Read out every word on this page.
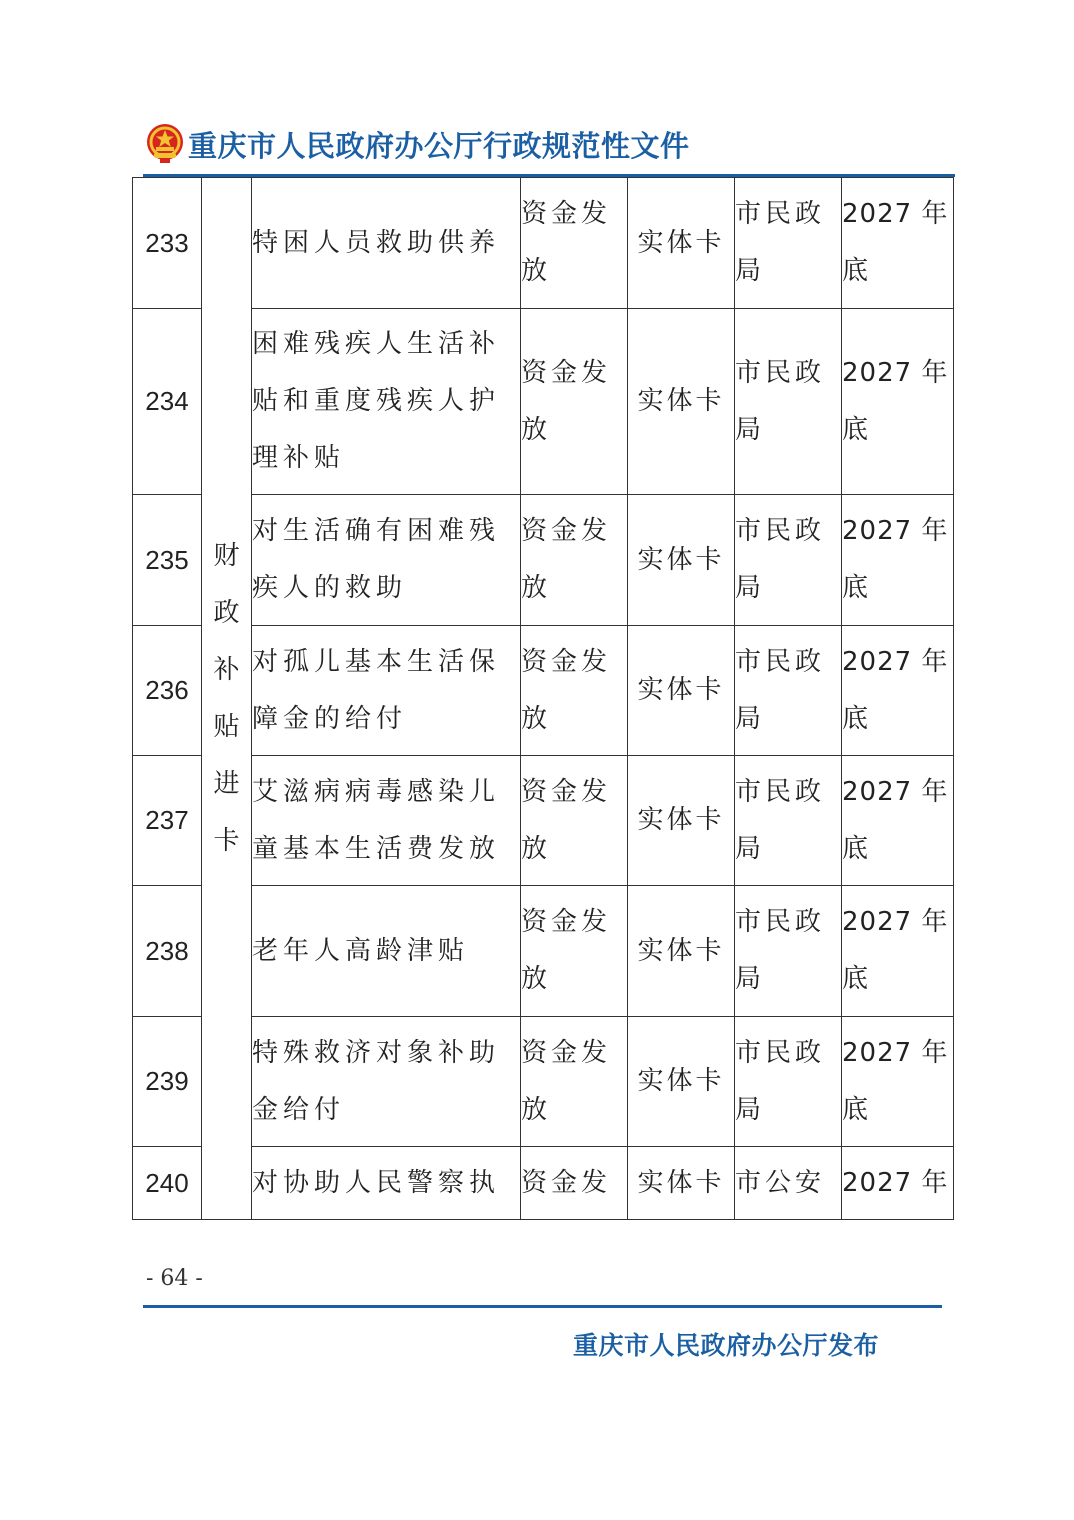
重庆市人民政府办公厅行政规范性文件
233	财政补贴进卡	特困人员救助供养	资金发放	实体卡	市民政局	2027 年底
234		困难残疾人生活补贴和重度残疾人护理补贴	资金发放	实体卡	市民政局	2027 年底
235		对生活确有困难残疾人的救助	资金发放	实体卡	市民政局	2027 年底
236		对孤儿基本生活保障金的给付	资金发放	实体卡	市民政局	2027 年底
237		艾滋病病毒感染儿童基本生活费发放	资金发放	实体卡	市民政局	2027 年底
238		老年人高龄津贴	资金发放	实体卡	市民政局	2027 年底
239		特殊救济对象补助金给付	资金发放	实体卡	市民政局	2027 年底
240		对协助人民警察执	资金发	实体卡	市公安	2027 年
- 64 -
重庆市人民政府办公厅发布
